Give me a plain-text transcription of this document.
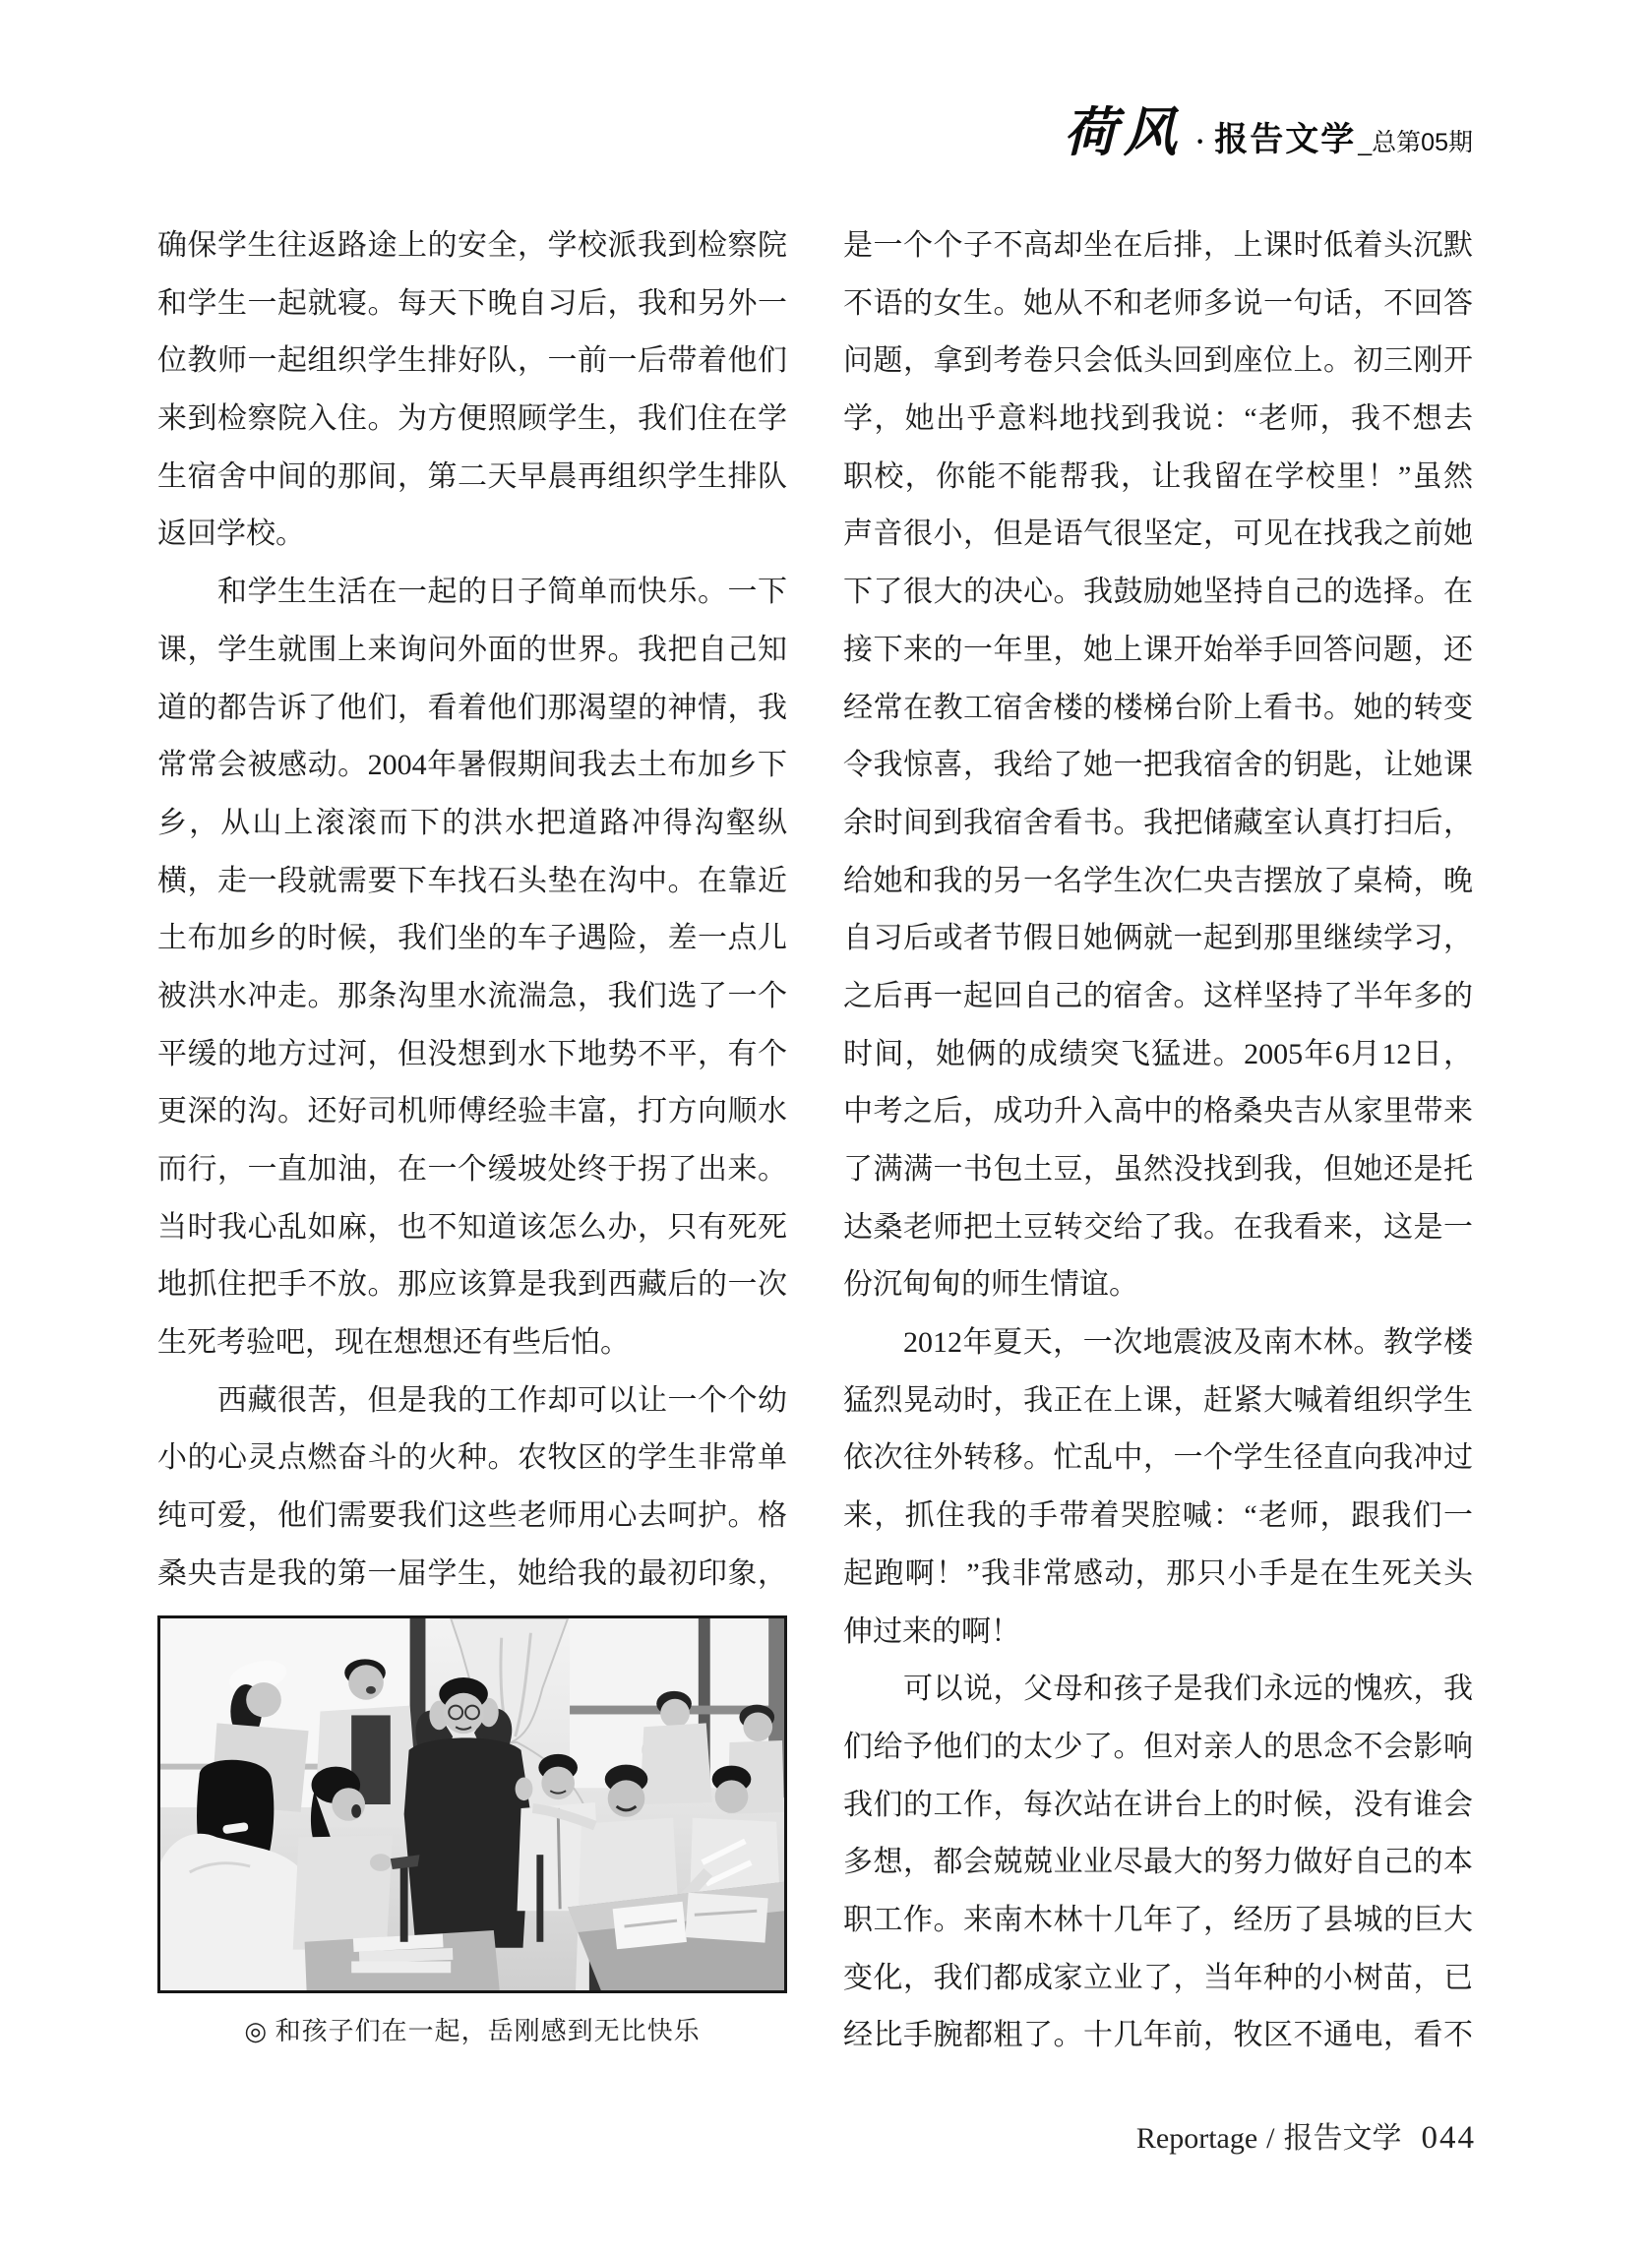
荷风 · 报告文学 _总第05期
确保学生往返路途上的安全，学校派我到检察院
和学生一起就寝。每天下晚自习后，我和另外一
位教师一起组织学生排好队，一前一后带着他们
来到检察院入住。为方便照顾学生，我们住在学
生宿舍中间的那间，第二天早晨再组织学生排队
返回学校。
　　和学生生活在一起的日子简单而快乐。一下
课，学生就围上来询问外面的世界。我把自己知
道的都告诉了他们，看着他们那渴望的神情，我
常常会被感动。2004年暑假期间我去土布加乡下
乡，从山上滚滚而下的洪水把道路冲得沟壑纵
横，走一段就需要下车找石头垫在沟中。在靠近
土布加乡的时候，我们坐的车子遇险，差一点儿
被洪水冲走。那条沟里水流湍急，我们选了一个
平缓的地方过河，但没想到水下地势不平，有个
更深的沟。还好司机师傅经验丰富，打方向顺水
而行，一直加油，在一个缓坡处终于拐了出来。
当时我心乱如麻，也不知道该怎么办，只有死死
地抓住把手不放。那应该算是我到西藏后的一次
生死考验吧，现在想想还有些后怕。
　　西藏很苦，但是我的工作却可以让一个个幼
小的心灵点燃奋斗的火种。农牧区的学生非常单
纯可爱，他们需要我们这些老师用心去呵护。格
桑央吉是我的第一届学生，她给我的最初印象，
是一个个子不高却坐在后排，上课时低着头沉默
不语的女生。她从不和老师多说一句话，不回答
问题，拿到考卷只会低头回到座位上。初三刚开
学，她出乎意料地找到我说：“老师，我不想去
职校，你能不能帮我，让我留在学校里！”虽然
声音很小，但是语气很坚定，可见在找我之前她
下了很大的决心。我鼓励她坚持自己的选择。在
接下来的一年里，她上课开始举手回答问题，还
经常在教工宿舍楼的楼梯台阶上看书。她的转变
令我惊喜，我给了她一把我宿舍的钥匙，让她课
余时间到我宿舍看书。我把储藏室认真打扫后，
给她和我的另一名学生次仁央吉摆放了桌椅，晚
自习后或者节假日她俩就一起到那里继续学习，
之后再一起回自己的宿舍。这样坚持了半年多的
时间，她俩的成绩突飞猛进。2005年6月12日，
中考之后，成功升入高中的格桑央吉从家里带来
了满满一书包土豆，虽然没找到我，但她还是托
达桑老师把土豆转交给了我。在我看来，这是一
份沉甸甸的师生情谊。
　　2012年夏天，一次地震波及南木林。教学楼
猛烈晃动时，我正在上课，赶紧大喊着组织学生
依次往外转移。忙乱中，一个学生径直向我冲过
来，抓住我的手带着哭腔喊：“老师，跟我们一
起跑啊！”我非常感动，那只小手是在生死关头
伸过来的啊！
　　可以说，父母和孩子是我们永远的愧疚，我
们给予他们的太少了。但对亲人的思念不会影响
我们的工作，每次站在讲台上的时候，没有谁会
多想，都会兢兢业业尽最大的努力做好自己的本
职工作。来南木林十几年了，经历了县城的巨大
变化，我们都成家立业了，当年种的小树苗，已
经比手腕都粗了。十几年前，牧区不通电，看不
◎ 和孩子们在一起，岳刚感到无比快乐
Reportage / 报告文学 044
